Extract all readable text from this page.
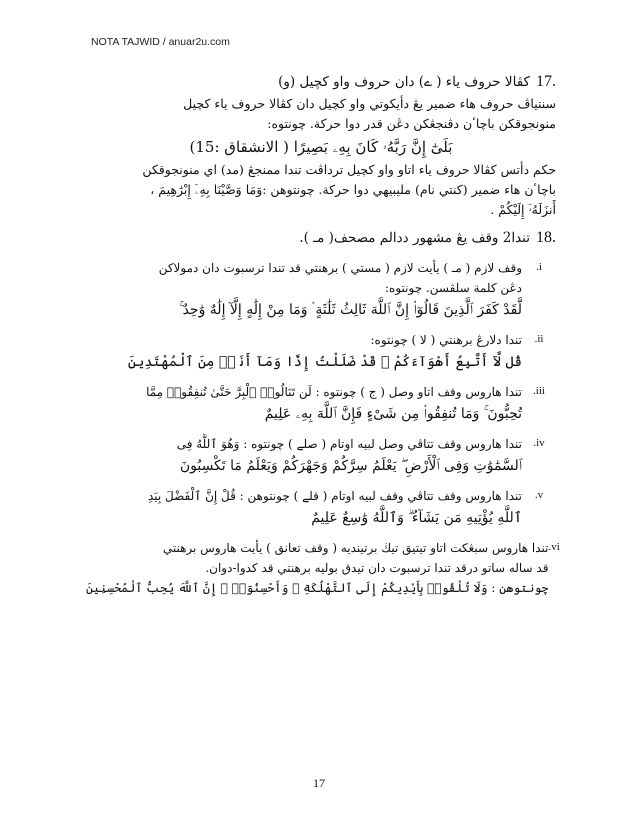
NOTA TAJWID / anuar2u.com
.17
كڤالا حروف ياء ( ے) دان حروف واو كچيل (و)
سنتياڤ حروف هاء ضمير يڠ دأيكوتي واو كچيل دان كڤالا حروف ياء كچيل
منونجوقكن باچاٴن دڤنجڠكن دڠن قدر دوا حركة. چونتوه:
بَلَىٰٓ إِنَّ رَبَّهُۥ كَانَ بِهِۦ بَصِيرًا ( الانشقاق :15)
حكم دأتس كڤالا حروف ياء اتاو واو كچيل ترداڤت تندا ممنجڠ (مد) اي منونجوقكن
باچاٴن هاء ضمير (كنتي نام) مليبيهي دوا حركة. چونتوهن :وَمَا وَصَّيْنَا بِهِۦٓ إِبْرَٰهِيمَ ،
أَنزَلَهُۥٓ إِلَيْكُمْ .
.18
تندا2 وقف يڠ مشهور ددالم مصحف( مـ ).
وقف لازم ( مـ ) يأيت لازم ( مستي ) برهنتي قد تندا ترسبوت دان دمولاكن
دڠن كلمة سلڤسن. چونتوه:
لَّقَدْ كَفَرَ ٱلَّذِينَ قَالُوٓا۟ إِنَّ ٱللَّهَ ثَالِثُ ثَلَٰثَةٍ ۘ وَمَا مِنْ إِلَٰهٍ إِلَّآ إِلَٰهٌ وَٰحِدٌ ۚ
.i
تندا دلارڠ برهنتي ( لا ) چونتوه:
قُل لَّآ أَتَّبِعُ أَهْوَآءَكُمْ ۙ قَدْ ضَلَلْتُ إِذًا وَمَآ أَنَا۠ مِنَ ٱلْمُهْتَدِينَ
.ii
تندا هاروس وقف اتاو وصل ( ج ) چونتوه : لَن تَنَالُوا۟ ٱلْبِرَّ حَتَّىٰ تُنفِقُوا۟ مِمَّا
تُحِبُّونَ ۚ وَمَا تُنفِقُوا۟ مِن شَىْءٍ فَإِنَّ ٱللَّهَ بِهِۦ عَلِيمٌ
.iii
تندا هاروس وقف تتاڤي وصل لبيه اوتام ( صلے ) چونتوه : وَهُوَ ٱللَّهُ فِى
ٱلسَّمَٰوَٰتِ وَفِى ٱلْأَرْضِ ۖ يَعْلَمُ سِرَّكُمْ وَجَهْرَكُمْ وَيَعْلَمُ مَا تَكْسِبُونَ
.iv
تندا هاروس وقف تتاڤي وقف لبيه اوتام ( قلے ) چونتوهن : قُلْ إِنَّ ٱلْفَضْلَ بِيَدِ
ٱللَّهِ يُؤْتِيهِ مَن يَشَآءُ ۗ وَٱللَّهُ وَٰسِعٌ عَلِيمٌ
.v
تندا هاروس سبڠكت اتاو تيتيق تيڬ برتينديه ( وقف تعانق ) يأيت هاروس برهنتي
قد ساله ساتو درقد تندا ترسبوت دان تيدق بوليه برهنتي قد كدوا-دوان.
چونتوهن : وَلَا تُلْقُوا۟ بِأَيْدِيكُمْ إِلَى ٱلتَّهْلُكَةِ ۛ وَأَحْسِنُوٓا۟ ۛ إِنَّ ٱللَّهَ يُحِبُّ ٱلْمُحْسِنِينَ
.vi
17
